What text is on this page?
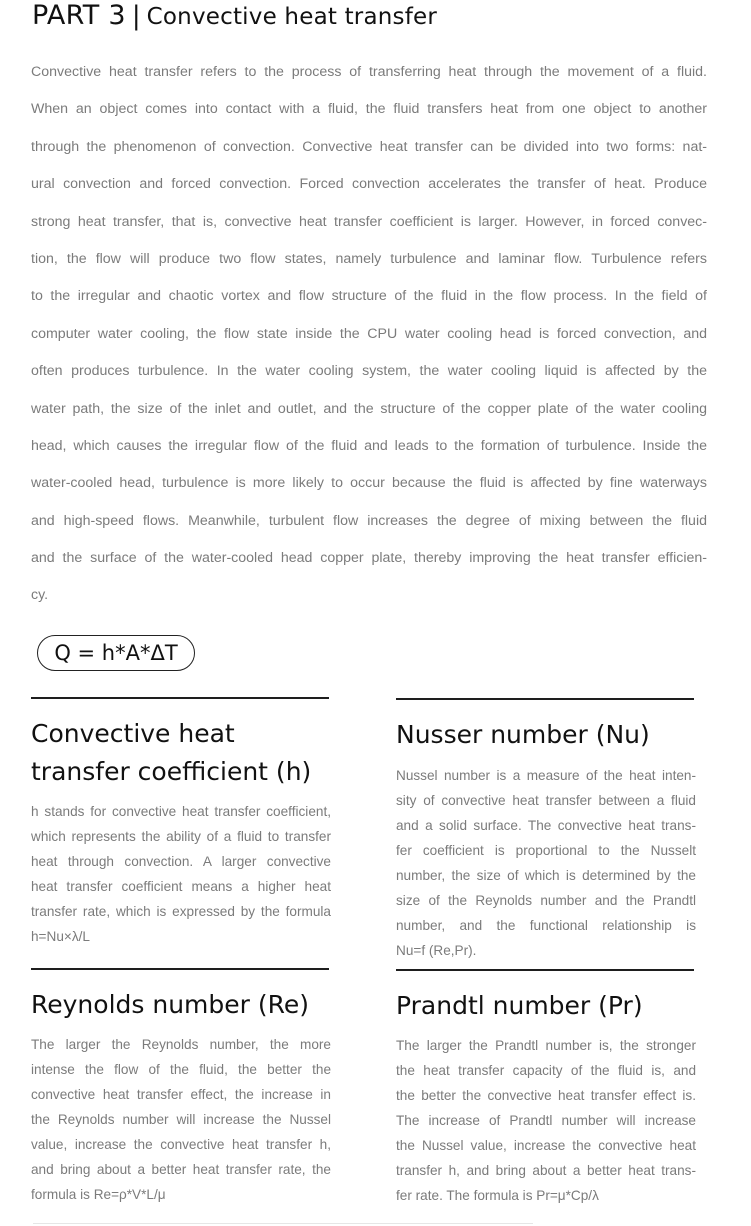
PART 3 | Convective heat transfer
Convective heat transfer refers to the process of transferring heat through the movement of a fluid.
When an object comes into contact with a fluid, the fluid transfers heat from one object to another
through the phenomenon of convection. Convective heat transfer can be divided into two forms: nat-
ural convection and forced convection. Forced convection accelerates the transfer of heat. Produce
strong heat transfer, that is, convective heat transfer coefficient is larger. However, in forced convec-
tion, the flow will produce two flow states, namely turbulence and laminar flow. Turbulence refers
to the irregular and chaotic vortex and flow structure of the fluid in the flow process. In the field of
computer water cooling, the flow state inside the CPU water cooling head is forced convection, and
often produces turbulence. In the water cooling system, the water cooling liquid is affected by the
water path, the size of the inlet and outlet, and the structure of the copper plate of the water cooling
head, which causes the irregular flow of the fluid and leads to the formation of turbulence. Inside the
water-cooled head, turbulence is more likely to occur because the fluid is affected by fine waterways
and high-speed flows. Meanwhile, turbulent flow increases the degree of mixing between the fluid
and the surface of the water-cooled head copper plate, thereby improving the heat transfer efficien-
cy.
Q = h*A*ΔT
Convective heat
transfer coefficient (h)
h stands for convective heat transfer coefficient,
which represents the ability of a fluid to transfer
heat through convection. A larger convective
heat transfer coefficient means a higher heat
transfer rate, which is expressed by the formula
h=Nu×λ/L
Nusser number (Nu)
Nussel number is a measure of the heat inten-
sity of convective heat transfer between a fluid
and a solid surface. The convective heat trans-
fer coefficient is proportional to the Nusselt
number, the size of which is determined by the
size of the Reynolds number and the Prandtl
number, and the functional relationship is
Nu=f (Re,Pr).
Reynolds number (Re)
The larger the Reynolds number, the more
intense the flow of the fluid, the better the
convective heat transfer effect, the increase in
the Reynolds number will increase the Nussel
value, increase the convective heat transfer h,
and bring about a better heat transfer rate, the
formula is Re=ρ*V*L/μ
Prandtl number (Pr)
The larger the Prandtl number is, the stronger
the heat transfer capacity of the fluid is, and
the better the convective heat transfer effect is.
The increase of Prandtl number will increase
the Nussel value, increase the convective heat
transfer h, and bring about a better heat trans-
fer rate. The formula is Pr=μ*Cp/λ
